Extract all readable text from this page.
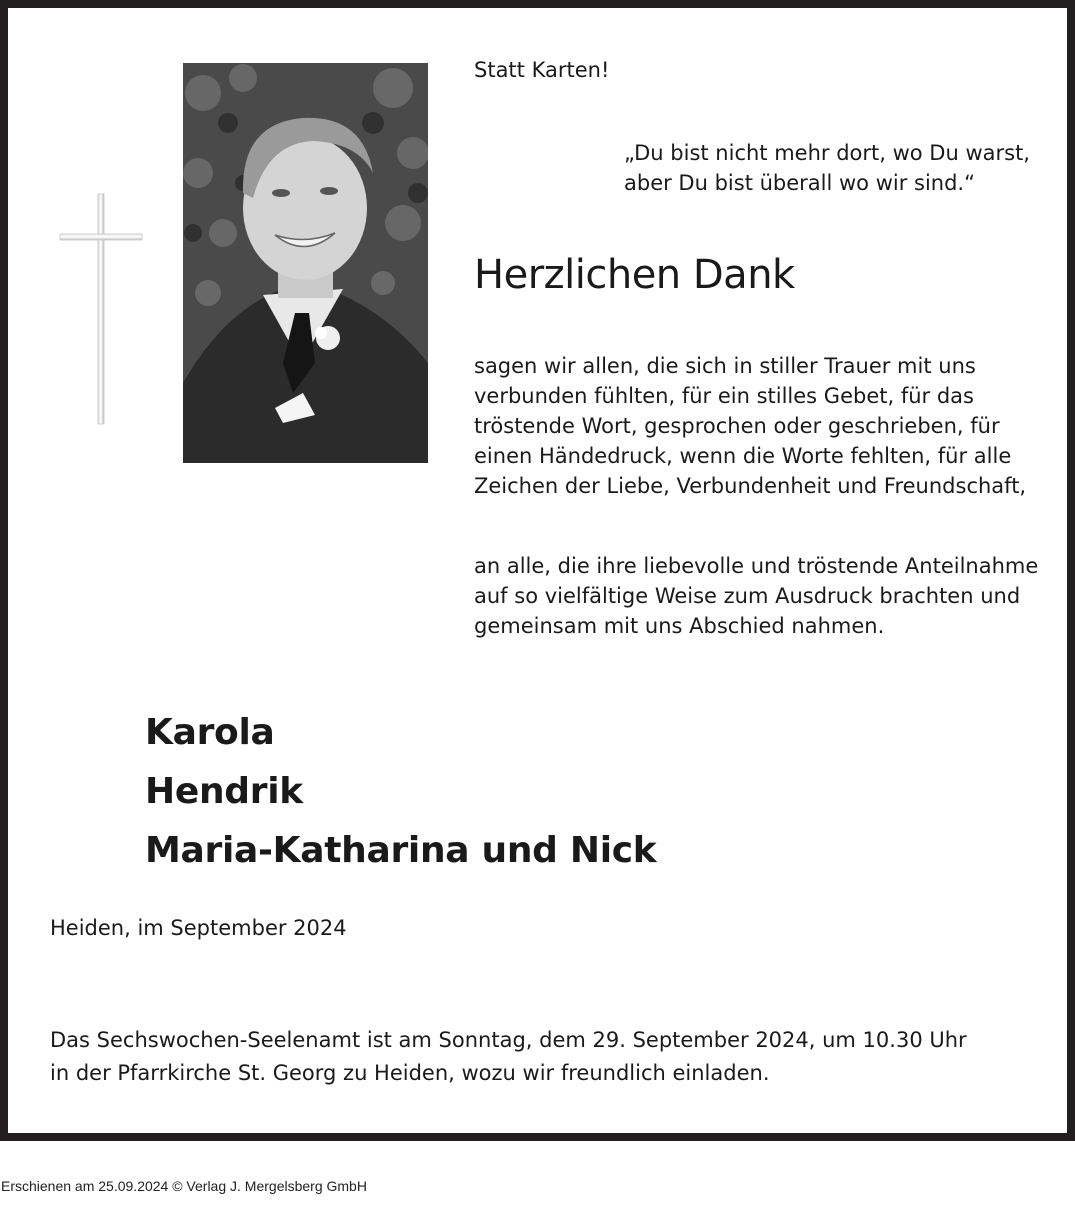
Statt Karten!

„Du bist nicht mehr dort, wo Du warst,
aber Du bist überall wo wir sind.“
Herzlichen Dank
sagen wir allen, die sich in stiller Trauer mit uns
verbunden fühlten, für ein stilles Gebet, für das
tröstende Wort, gesprochen oder geschrieben, für
einen Händedruck, wenn die Worte fehlten, für alle
Zeichen der Liebe, Verbundenheit und Freundschaft,
an alle, die ihre liebevolle und tröstende Anteilnahme
auf so vielfältige Weise zum Ausdruck brachten und
gemeinsam mit uns Abschied nahmen.
Karola
Hendrik
Maria-Katharina und Nick

Heiden, im September 2024

Das Sechswochen-Seelenamt ist am Sonntag, dem 29. September 2024, um 10.30 Uhr
in der Pfarrkirche St. Georg zu Heiden, wozu wir freundlich einladen.
Erschienen am 25.09.2024 © Verlag J. Mergelsberg GmbH
